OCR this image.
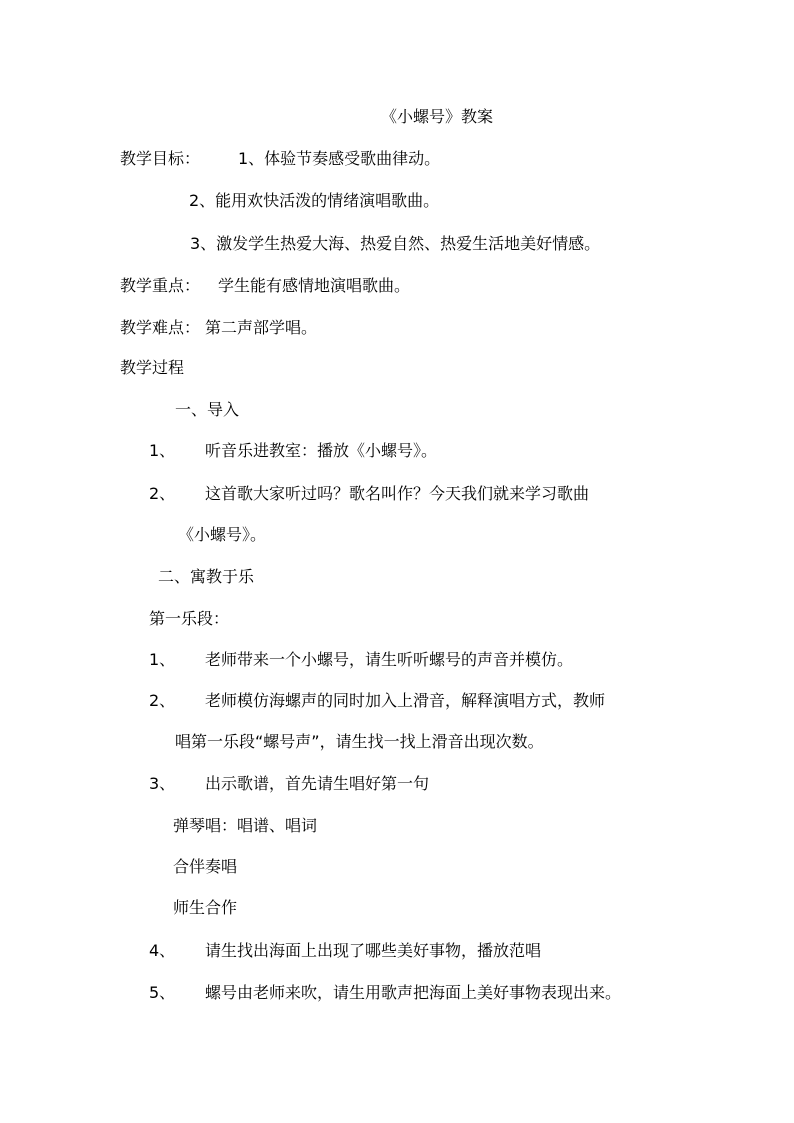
《小螺号》教案
教学目标： 1、体验节奏感受歌曲律动。
2、能用欢快活泼的情绪演唱歌曲。
3、激发学生热爱大海、热爱自然、热爱生活地美好情感。
教学重点： 学生能有感情地演唱歌曲。
教学难点： 第二声部学唱。
教学过程
一、导入
1、 听音乐进教室：播放《小螺号》。
2、 这首歌大家听过吗？歌名叫作？今天我们就来学习歌曲
《小螺号》。
二、寓教于乐
第一乐段：
1、 老师带来一个小螺号，请生听听螺号的声音并模仿。
2、 老师模仿海螺声的同时加入上滑音，解释演唱方式，教师
唱第一乐段“螺号声”，请生找一找上滑音出现次数。
3、 出示歌谱，首先请生唱好第一句
弹琴唱：唱谱、唱词
合伴奏唱
师生合作
4、 请生找出海面上出现了哪些美好事物，播放范唱
5、 螺号由老师来吹，请生用歌声把海面上美好事物表现出来。
